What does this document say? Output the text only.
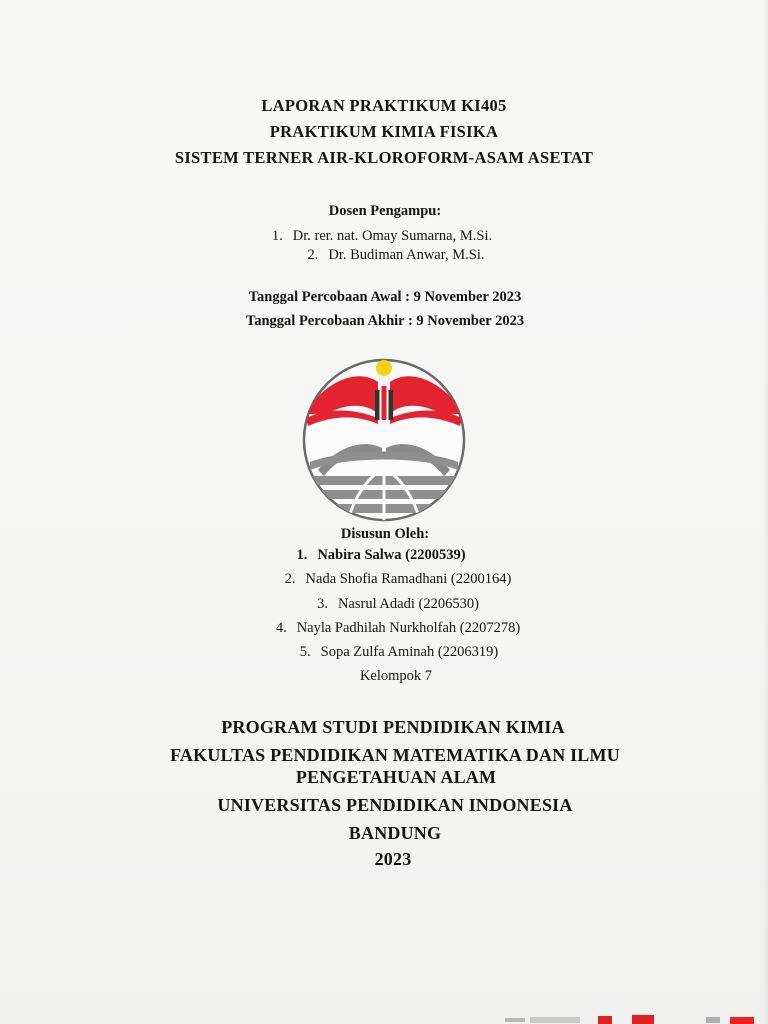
LAPORAN PRAKTIKUM KI405
PRAKTIKUM KIMIA FISIKA
SISTEM TERNER AIR-KLOROFORM-ASAM ASETAT
Dosen Pengampu:
1. Dr. rer. nat. Omay Sumarna, M.Si.
2. Dr. Budiman Anwar, M.Si.
Tanggal Percobaan Awal : 9 November 2023
Tanggal Percobaan Akhir : 9 November 2023
Disusun Oleh:
1. Nabira Salwa (2200539)
2. Nada Shofia Ramadhani (2200164)
3. Nasrul Adadi (2206530)
4. Nayla Padhilah Nurkholfah (2207278)
5. Sopa Zulfa Aminah (2206319)
Kelompok 7
PROGRAM STUDI PENDIDIKAN KIMIA
FAKULTAS PENDIDIKAN MATEMATIKA DAN ILMU
PENGETAHUAN ALAM
UNIVERSITAS PENDIDIKAN INDONESIA
BANDUNG
2023
